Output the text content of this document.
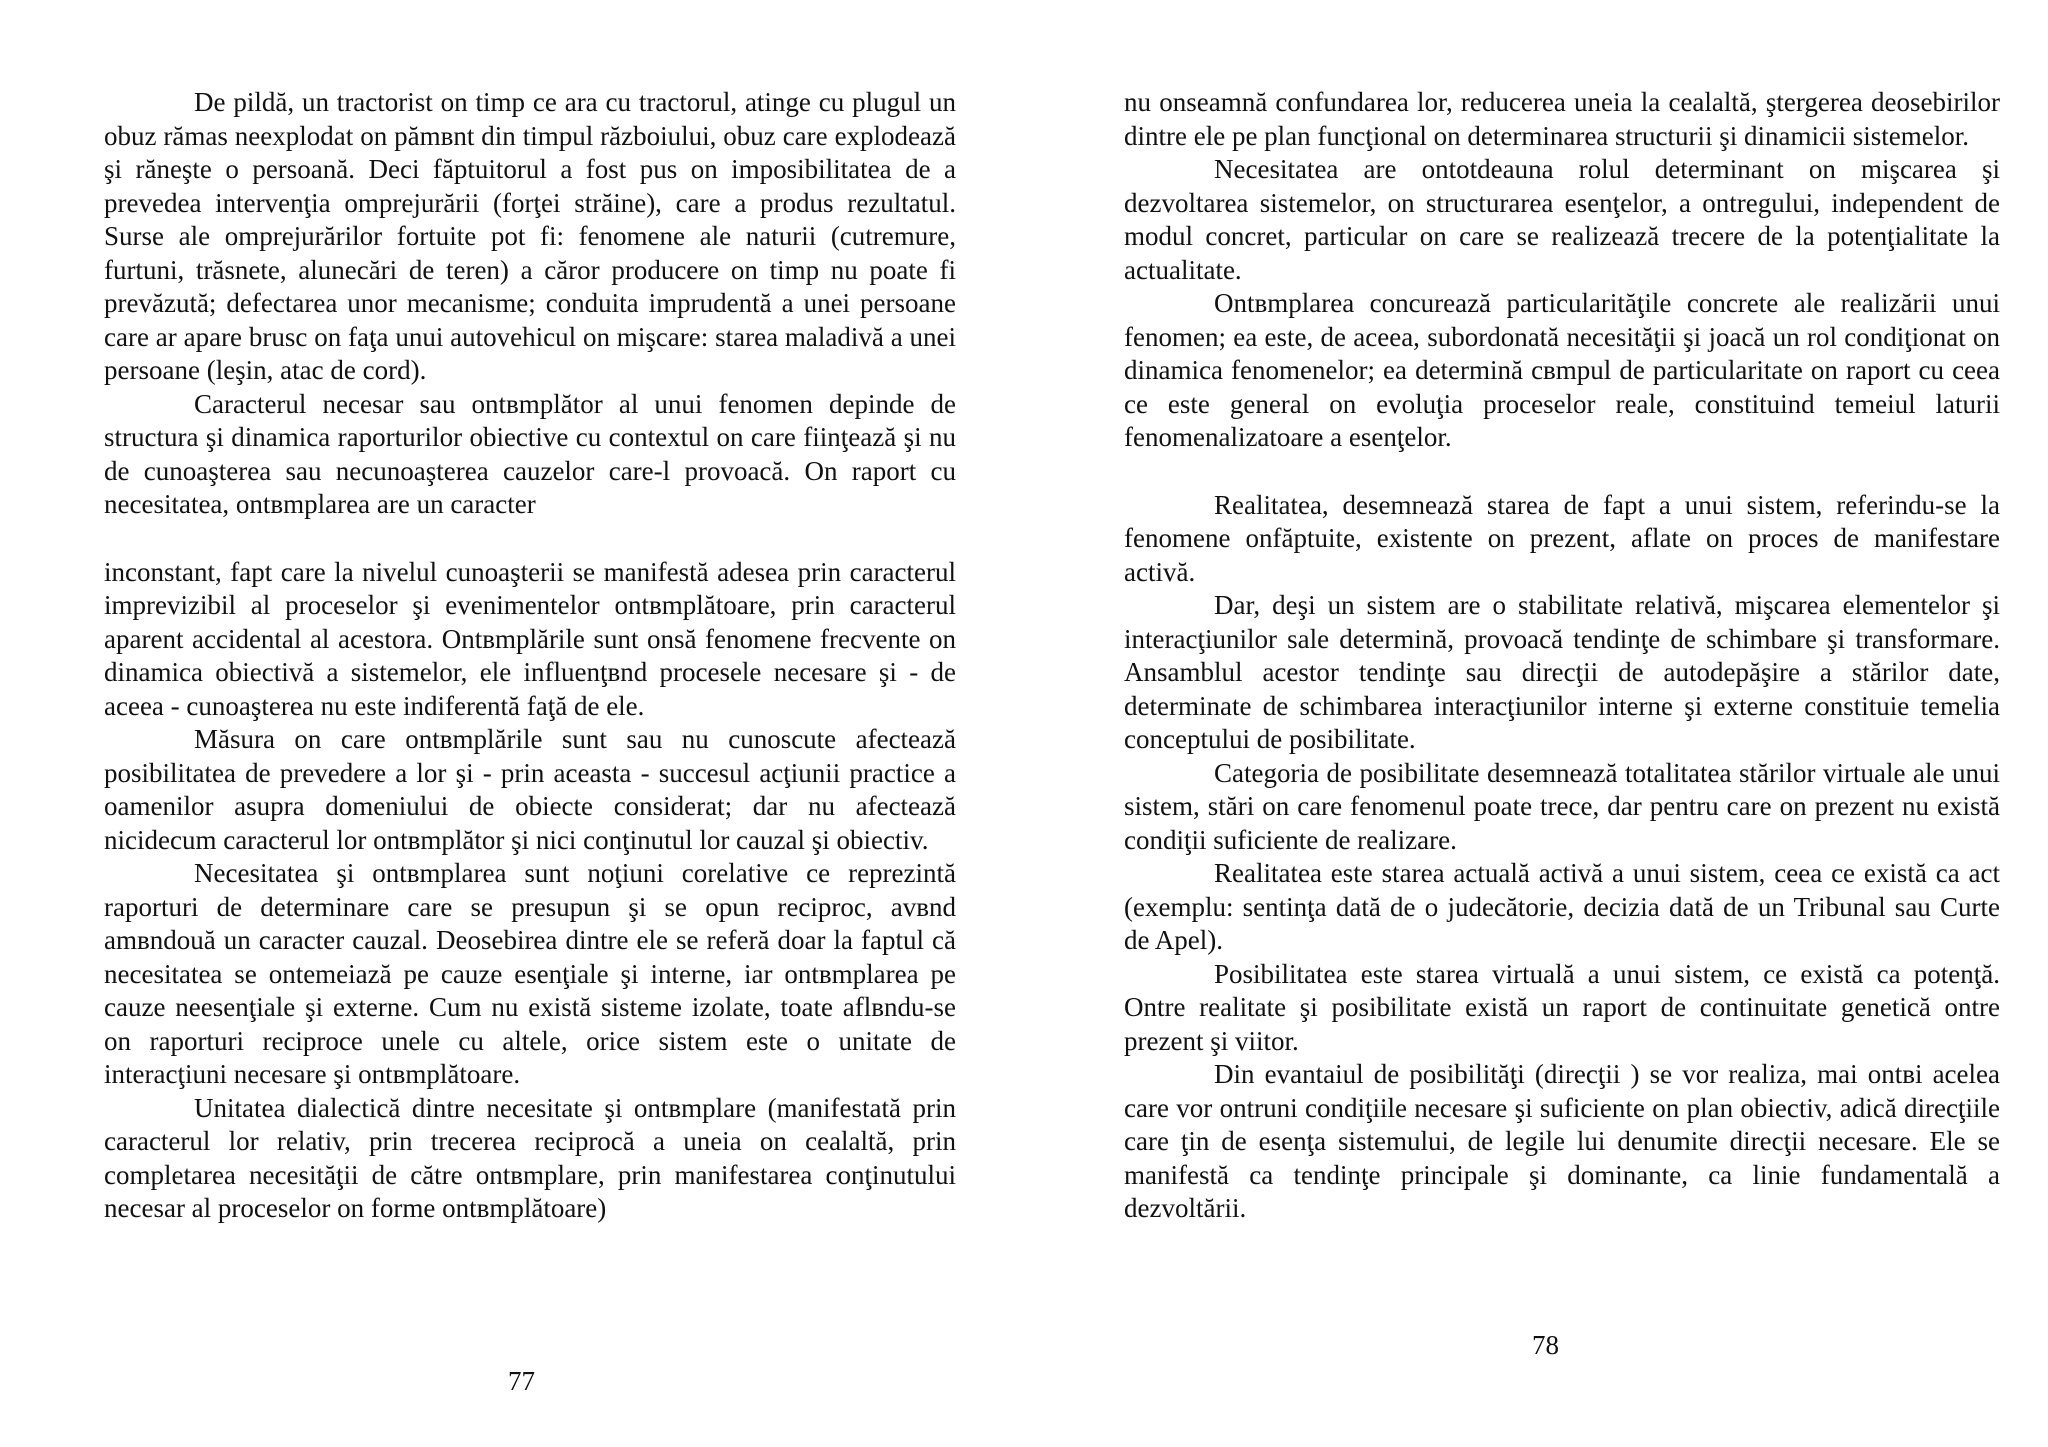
De pildă, un tractorist on timp ce ara cu tractorul, atinge cu plugul un obuz rămas neexplodat on pămвnt din timpul războiului, obuz care explodează şi răneşte o persoană. Deci făptuitorul a fost pus on imposibilitatea de a prevedea intervenţia omprejurării (forţei străine), care a produs rezultatul. Surse ale omprejurărilor fortuite pot fi: fenomene ale naturii (cutremure, furtuni, trăsnete, alunecări de teren) a căror producere on timp nu poate fi prevăzută; defectarea unor mecanisme; conduita imprudentă a unei persoane care ar apare brusc on faţa unui autovehicul on mişcare: starea maladivă a unei persoane (leşin, atac de cord).

Caracterul necesar sau ontвmplător al unui fenomen depinde de structura şi dinamica raporturilor obiective cu contextul on care fiinţează şi nu de cunoaşterea sau necunoaşterea cauzelor care-l provoacă. On raport cu necesitatea, ontвmplarea are un caracter

inconstant, fapt care la nivelul cunoaşterii se manifestă adesea prin caracterul imprevizibil al proceselor şi evenimentelor ontвmplătoare, prin caracterul aparent accidental al acestora. Ontвmplările sunt onsă fenomene frecvente on dinamica obiectivă a sistemelor, ele influenţвnd procesele necesare şi - de aceea - cunoaşterea nu este indiferentă faţă de ele.

Măsura on care ontвmplările sunt sau nu cunoscute afectează posibilitatea de prevedere a lor şi - prin aceasta - succesul acţiunii practice a oamenilor asupra domeniului de obiecte considerat; dar nu afectează nicidecum caracterul lor ontвmplător şi nici conţinutul lor cauzal şi obiectiv.

Necesitatea şi ontвmplarea sunt noţiuni corelative ce reprezintă raporturi de determinare care se presupun şi se opun reciproc, avвnd amвndouă un caracter cauzal. Deosebirea dintre ele se referă doar la faptul că necesitatea se ontemeiază pe cauze esenţiale şi interne, iar ontвmplarea pe cauze neesenţiale şi externe. Cum nu există sisteme izolate, toate aflвndu-se on raporturi reciproce unele cu altele, orice sistem este o unitate de interacţiuni necesare şi ontвmplătoare.

Unitatea dialectică dintre necesitate şi ontвmplare (manifestată prin caracterul lor relativ, prin trecerea reciprocă a uneia on cealaltă, prin completarea necesităţii de către ontвmplare, prin manifestarea conţinutului necesar al proceselor on forme ontвmplătoare)

77

nu onseamnă confundarea lor, reducerea uneia la cealaltă, ştergerea deosebirilor dintre ele pe plan funcţional on determinarea structurii şi dinamicii sistemelor.

Necesitatea are ontotdeauna rolul determinant on mişcarea şi dezvoltarea sistemelor, on structurarea esenţelor, a ontregului, independent de modul concret, particular on care se realizează trecere de la potenţialitate la actualitate.

Ontвmplarea concurează particularităţile concrete ale realizării unui fenomen; ea este, de aceea, subordonată necesităţii şi joacă un rol condiţionat on dinamica fenomenelor; ea determină cвmpul de particularitate on raport cu ceea ce este general on evoluţia proceselor reale, constituind temeiul laturii fenomenalizatoare a esenţelor.

Realitatea, desemnează starea de fapt a unui sistem, referindu-se la fenomene onfăptuite, existente on prezent, aflate on proces de manifestare activă.

Dar, deşi un sistem are o stabilitate relativă, mişcarea elementelor şi interacţiunilor sale determină, provoacă tendinţe de schimbare şi transformare. Ansamblul acestor tendinţe sau direcţii de autodepăşire a stărilor date, determinate de schimbarea interacţiunilor interne şi externe constituie temelia conceptului de posibilitate.

Categoria de posibilitate desemnează totalitatea stărilor virtuale ale unui sistem, stări on care fenomenul poate trece, dar pentru care on prezent nu există condiţii suficiente de realizare.

Realitatea este starea actuală activă a unui sistem, ceea ce există ca act (exemplu: sentinţa dată de o judecătorie, decizia dată de un Tribunal sau Curte de Apel).

Posibilitatea este starea virtuală a unui sistem, ce există ca potenţă. Ontre realitate şi posibilitate există un raport de continuitate genetică ontre prezent şi viitor.

Din evantaiul de posibilităţi (direcţii ) se vor realiza, mai ontвi acelea care vor ontruni condiţiile necesare şi suficiente on plan obiectiv, adică direcţiile care ţin de esenţa sistemului, de legile lui denumite direcţii necesare. Ele se manifestă ca tendinţe principale şi dominante, ca linie fundamentală a dezvoltării.

78
